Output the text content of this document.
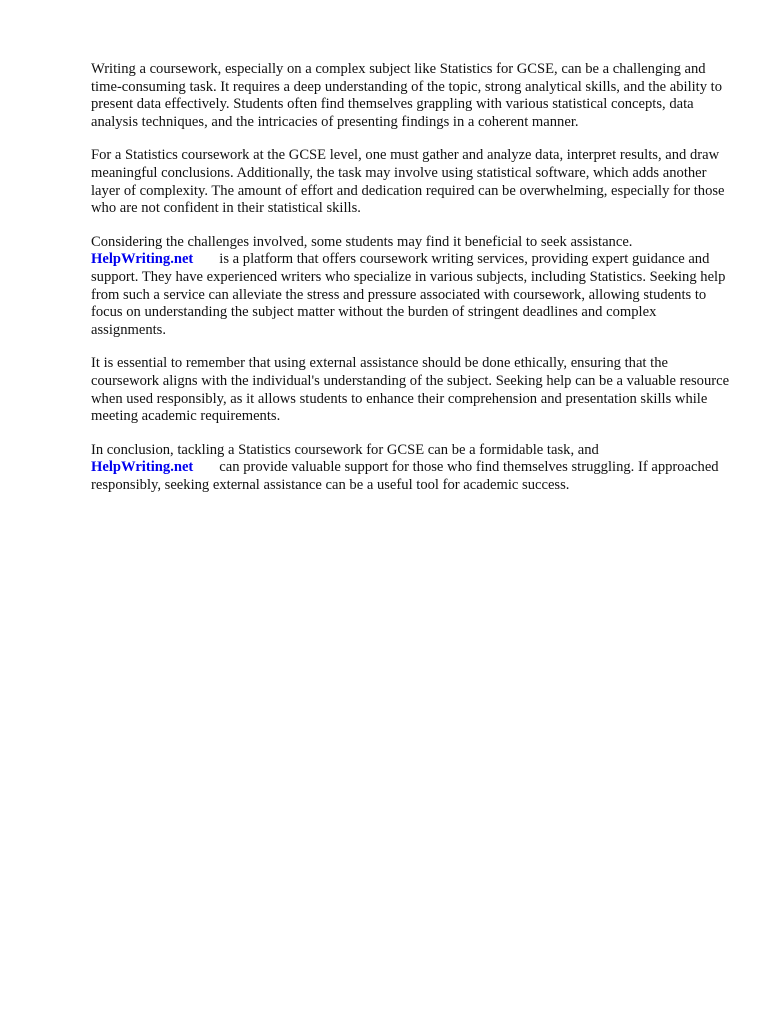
Writing a coursework, especially on a complex subject like Statistics for GCSE, can be a challenging and time-consuming task. It requires a deep understanding of the topic, strong analytical skills, and the ability to present data effectively. Students often find themselves grappling with various statistical concepts, data analysis techniques, and the intricacies of presenting findings in a coherent manner.

For a Statistics coursework at the GCSE level, one must gather and analyze data, interpret results, and draw meaningful conclusions. Additionally, the task may involve using statistical software, which adds another layer of complexity. The amount of effort and dedication required can be overwhelming, especially for those who are not confident in their statistical skills.

Considering the challenges involved, some students may find it beneficial to seek assistance.
HelpWriting.net is a platform that offers coursework writing services, providing expert guidance and support. They have experienced writers who specialize in various subjects, including Statistics. Seeking help from such a service can alleviate the stress and pressure associated with coursework, allowing students to focus on understanding the subject matter without the burden of stringent deadlines and complex assignments.

It is essential to remember that using external assistance should be done ethically, ensuring that the coursework aligns with the individual's understanding of the subject. Seeking help can be a valuable resource when used responsibly, as it allows students to enhance their comprehension and presentation skills while meeting academic requirements.

In conclusion, tackling a Statistics coursework for GCSE can be a formidable task, and
HelpWriting.net can provide valuable support for those who find themselves struggling. If approached responsibly, seeking external assistance can be a useful tool for academic success.
